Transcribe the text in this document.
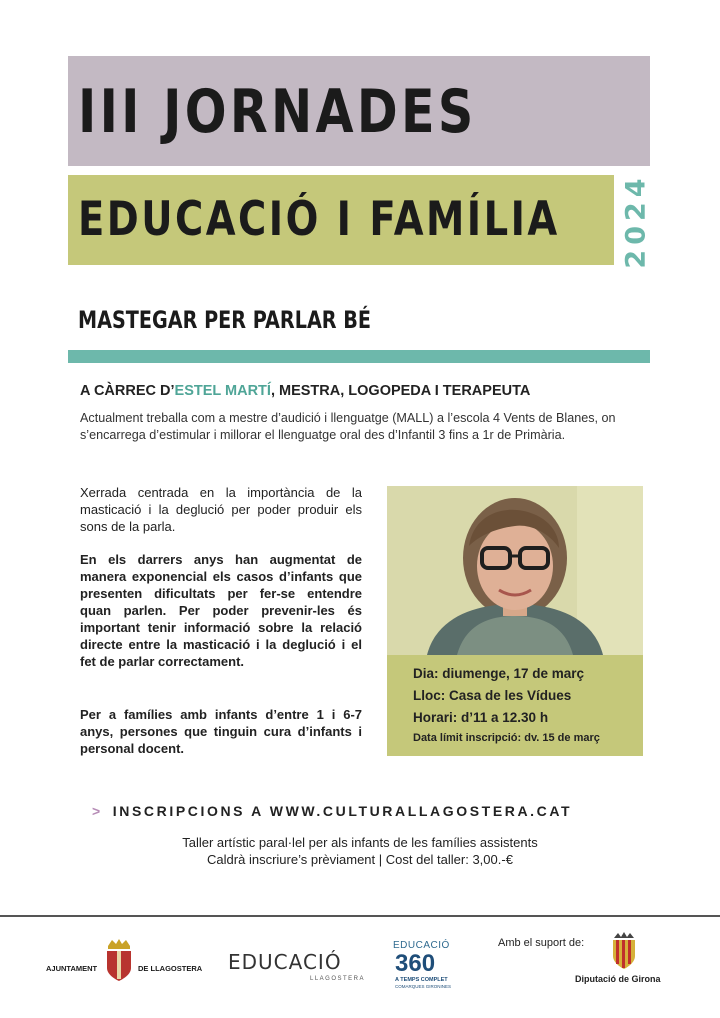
III JORNADES
EDUCACIÓ I FAMÍLIA	2024
MASTEGAR PER PARLAR BÉ
A CÀRREC D’ESTEL MARTÍ, MESTRA, LOGOPEDA I TERAPEUTA
Actualment treballa com a mestre d’audició i llenguatge (MALL) a l’escola 4 Vents de Blanes, on s’encarrega d’estimular i millorar el llenguatge oral des d’Infantil 3 fins a 1r de Primària.
Xerrada centrada en la importància de la masticació i la deglució per poder produir els sons de la parla.
En els darrers anys han augmentat de manera exponencial els casos d’infants que presenten dificultats per fer-se entendre quan parlen. Per poder prevenir-les és important tenir informació sobre la relació directe entre la masticació i la deglució i el fet de parlar correctament.
Per a famílies amb infants d’entre 1 i 6-7 anys, persones que tinguin cura d’infants i personal docent.
Dia: diumenge, 17 de març
Lloc: Casa de les Vídues
Horari: d’11 a 12.30 h
Data límit inscripció: dv. 15 de març
> INSCRIPCIONS A WWW.CULTURALLAGOSTERA.CAT
Taller artístic paral·lel per als infants de les famílies assistents
Caldrà inscriure’s prèviament | Cost del taller: 3,00.-€
AJUNTAMENT	DE LLAGOSTERA EDUCACIÓ
LLAGOSTERA
EDUCACIÓ
360
A TEMPS COMPLET
COMARQUES GIRONINES
Amb el suport de:
Diputació de Girona
